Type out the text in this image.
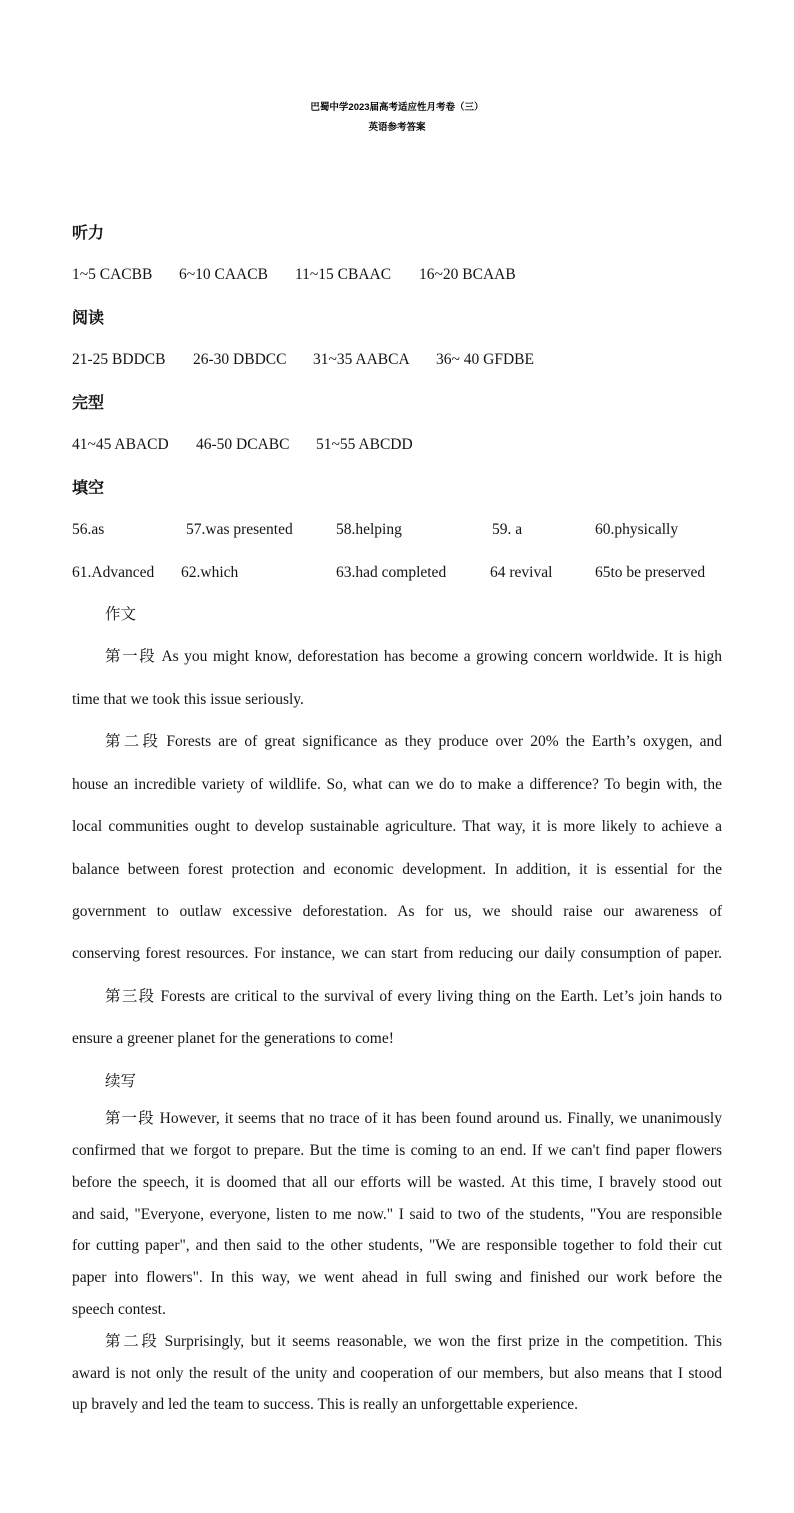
巴蜀中学2023届高考适应性月考卷（三）
英语参考答案
听力
1~5 CACBB 6~10 CAACB 11~15 CBAAC 16~20 BCAAB
阅读
21-25 BDDCB 26-30 DBDCC 31~35 AABCA 36~ 40 GFDBE
完型
41~45 ABACD 46-50 DCABC 51~55 ABCDD
填空
56.as	57.was presented	58.helping	59. a	60.physically
61.Advanced 62.which	63.had completed	64 revival	65to be preserved
作文
第一段 As you might know, deforestation has become a growing concern worldwide. It is high
time that we took this issue seriously.
第二段 Forests are of great significance as they produce over 20% the Earth’s oxygen, and
house an incredible variety of wildlife. So, what can we do to make a difference? To begin with, the
local communities ought to develop sustainable agriculture. That way, it is more likely to achieve a
balance between forest protection and economic development. In addition, it is essential for the
government to outlaw excessive deforestation. As for us, we should raise our awareness of
conserving forest resources. For instance, we can start from reducing our daily consumption of paper.
第三段 Forests are critical to the survival of every living thing on the Earth. Let’s join hands to
ensure a greener planet for the generations to come!
续写
第一段 However, it seems that no trace of it has been found around us. Finally, we unanimously
confirmed that we forgot to prepare. But the time is coming to an end. If we can't find paper flowers
before the speech, it is doomed that all our efforts will be wasted. At this time, I bravely stood out
and said, "Everyone, everyone, listen to me now." I said to two of the students, "You are responsible
for cutting paper", and then said to the other students, "We are responsible together to fold their cut
paper into flowers". In this way, we went ahead in full swing and finished our work before the
speech contest.
第二段 Surprisingly, but it seems reasonable, we won the first prize in the competition. This
award is not only the result of the unity and cooperation of our members, but also means that I stood
up bravely and led the team to success. This is really an unforgettable experience.
